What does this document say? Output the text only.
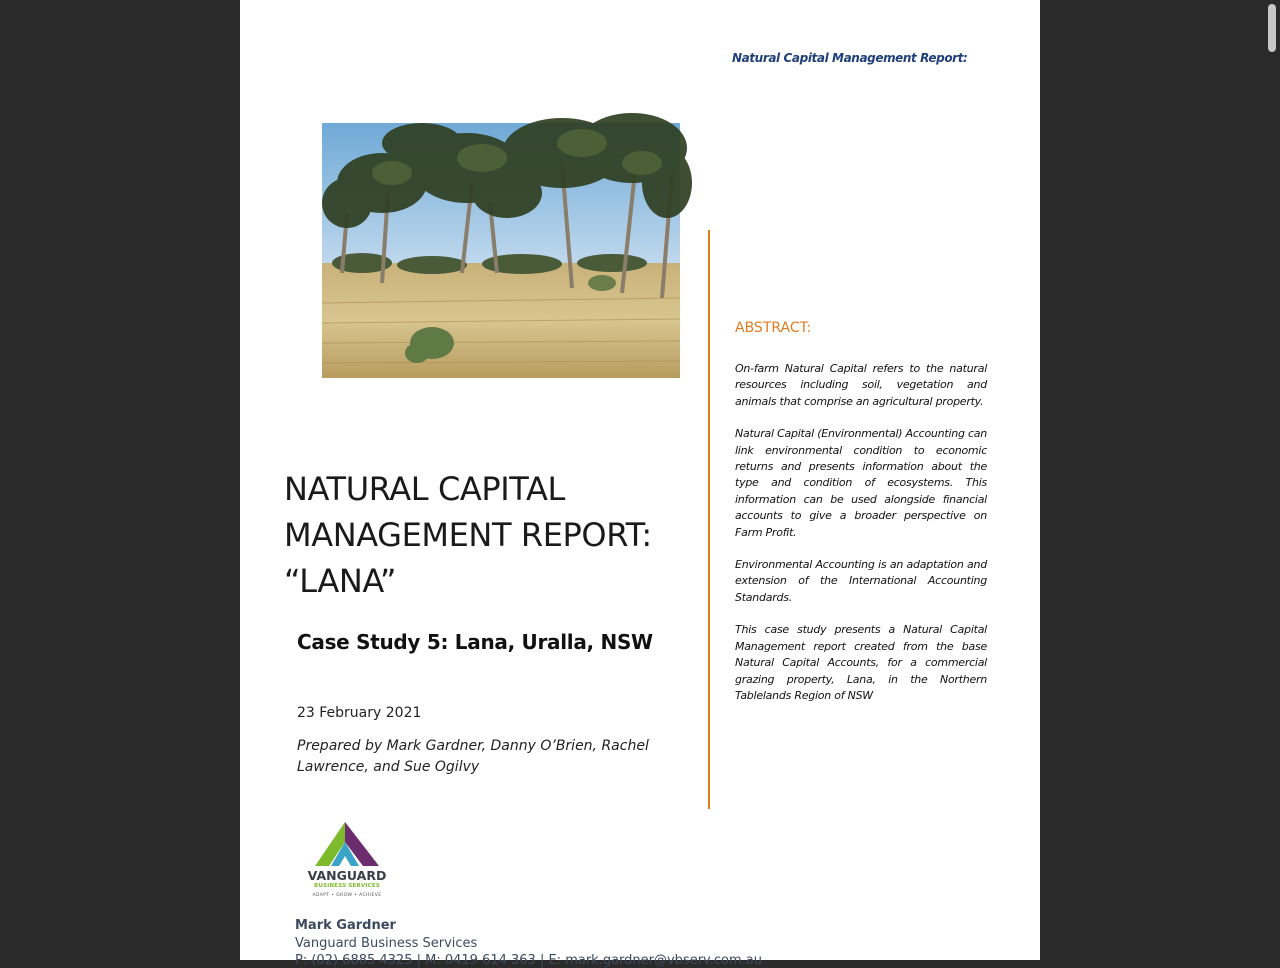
Natural Capital Management Report:
NATURAL CAPITAL
MANAGEMENT REPORT:
“LANA”
Case Study 5: Lana, Uralla, NSW
23 February 2021
Prepared by Mark Gardner, Danny O’Brien, Rachel Lawrence, and Sue Ogilvy
VANGUARD
BUSINESS SERVICES
ADAPT • GROW • ACHIEVE
Mark Gardner
Vanguard Business Services
P: (02) 6885 4325 | M: 0419 614 363 | E: mark.gardner@vbserv.com.au
ABSTRACT:

On-farm Natural Capital refers to the natural resources including soil, vegetation and animals that comprise an agricultural property.

Natural Capital (Environmental) Accounting can link environmental condition to economic returns and presents information about the type and condition of ecosystems. This information can be used alongside financial accounts to give a broader perspective on Farm Profit.

Environmental Accounting is an adaptation and extension of the International Accounting Standards.

This case study presents a Natural Capital Management report created from the base Natural Capital Accounts, for a commercial grazing property, Lana, in the Northern Tablelands Region of NSW
